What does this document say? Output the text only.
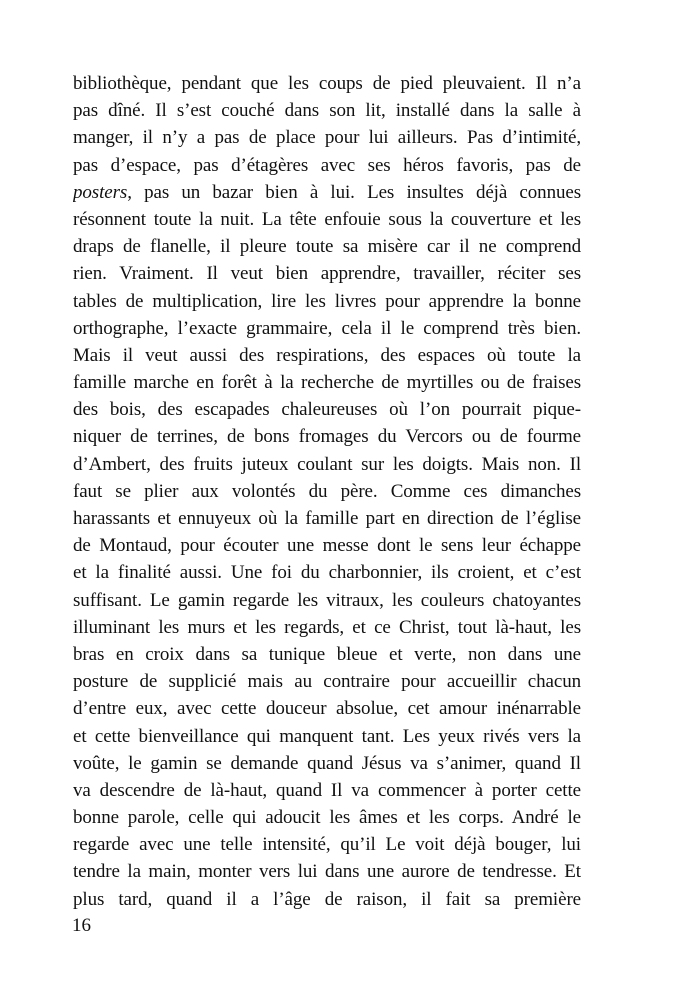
bibliothèque, pendant que les coups de pied pleuvaient. Il n’a
pas dîné. Il s’est couché dans son lit, installé dans la salle à
manger, il n’y a pas de place pour lui ailleurs. Pas d’intimité,
pas d’espace, pas d’étagères avec ses héros favoris, pas de
posters, pas un bazar bien à lui. Les insultes déjà connues
résonnent toute la nuit. La tête enfouie sous la couverture et les
draps de flanelle, il pleure toute sa misère car il ne comprend
rien. Vraiment. Il veut bien apprendre, travailler, réciter ses
tables de multiplication, lire les livres pour apprendre la bonne
orthographe, l’exacte grammaire, cela il le comprend très bien.
Mais il veut aussi des respirations, des espaces où toute la
famille marche en forêt à la recherche de myrtilles ou de fraises
des bois, des escapades chaleureuses où l’on pourrait pique-
niquer de terrines, de bons fromages du Vercors ou de fourme
d’Ambert, des fruits juteux coulant sur les doigts. Mais non. Il
faut se plier aux volontés du père. Comme ces dimanches
harassants et ennuyeux où la famille part en direction de l’église
de Montaud, pour écouter une messe dont le sens leur échappe
et la finalité aussi. Une foi du charbonnier, ils croient, et c’est
suffisant. Le gamin regarde les vitraux, les couleurs chatoyantes
illuminant les murs et les regards, et ce Christ, tout là-haut, les
bras en croix dans sa tunique bleue et verte, non dans une
posture de supplicié mais au contraire pour accueillir chacun
d’entre eux, avec cette douceur absolue, cet amour inénarrable
et cette bienveillance qui manquent tant. Les yeux rivés vers la
voûte, le gamin se demande quand Jésus va s’animer, quand Il
va descendre de là-haut, quand Il va commencer à porter cette
bonne parole, celle qui adoucit les âmes et les corps. André le
regarde avec une telle intensité, qu’il Le voit déjà bouger, lui
tendre la main, monter vers lui dans une aurore de tendresse. Et
plus tard, quand il a l’âge de raison, il fait sa première
16
